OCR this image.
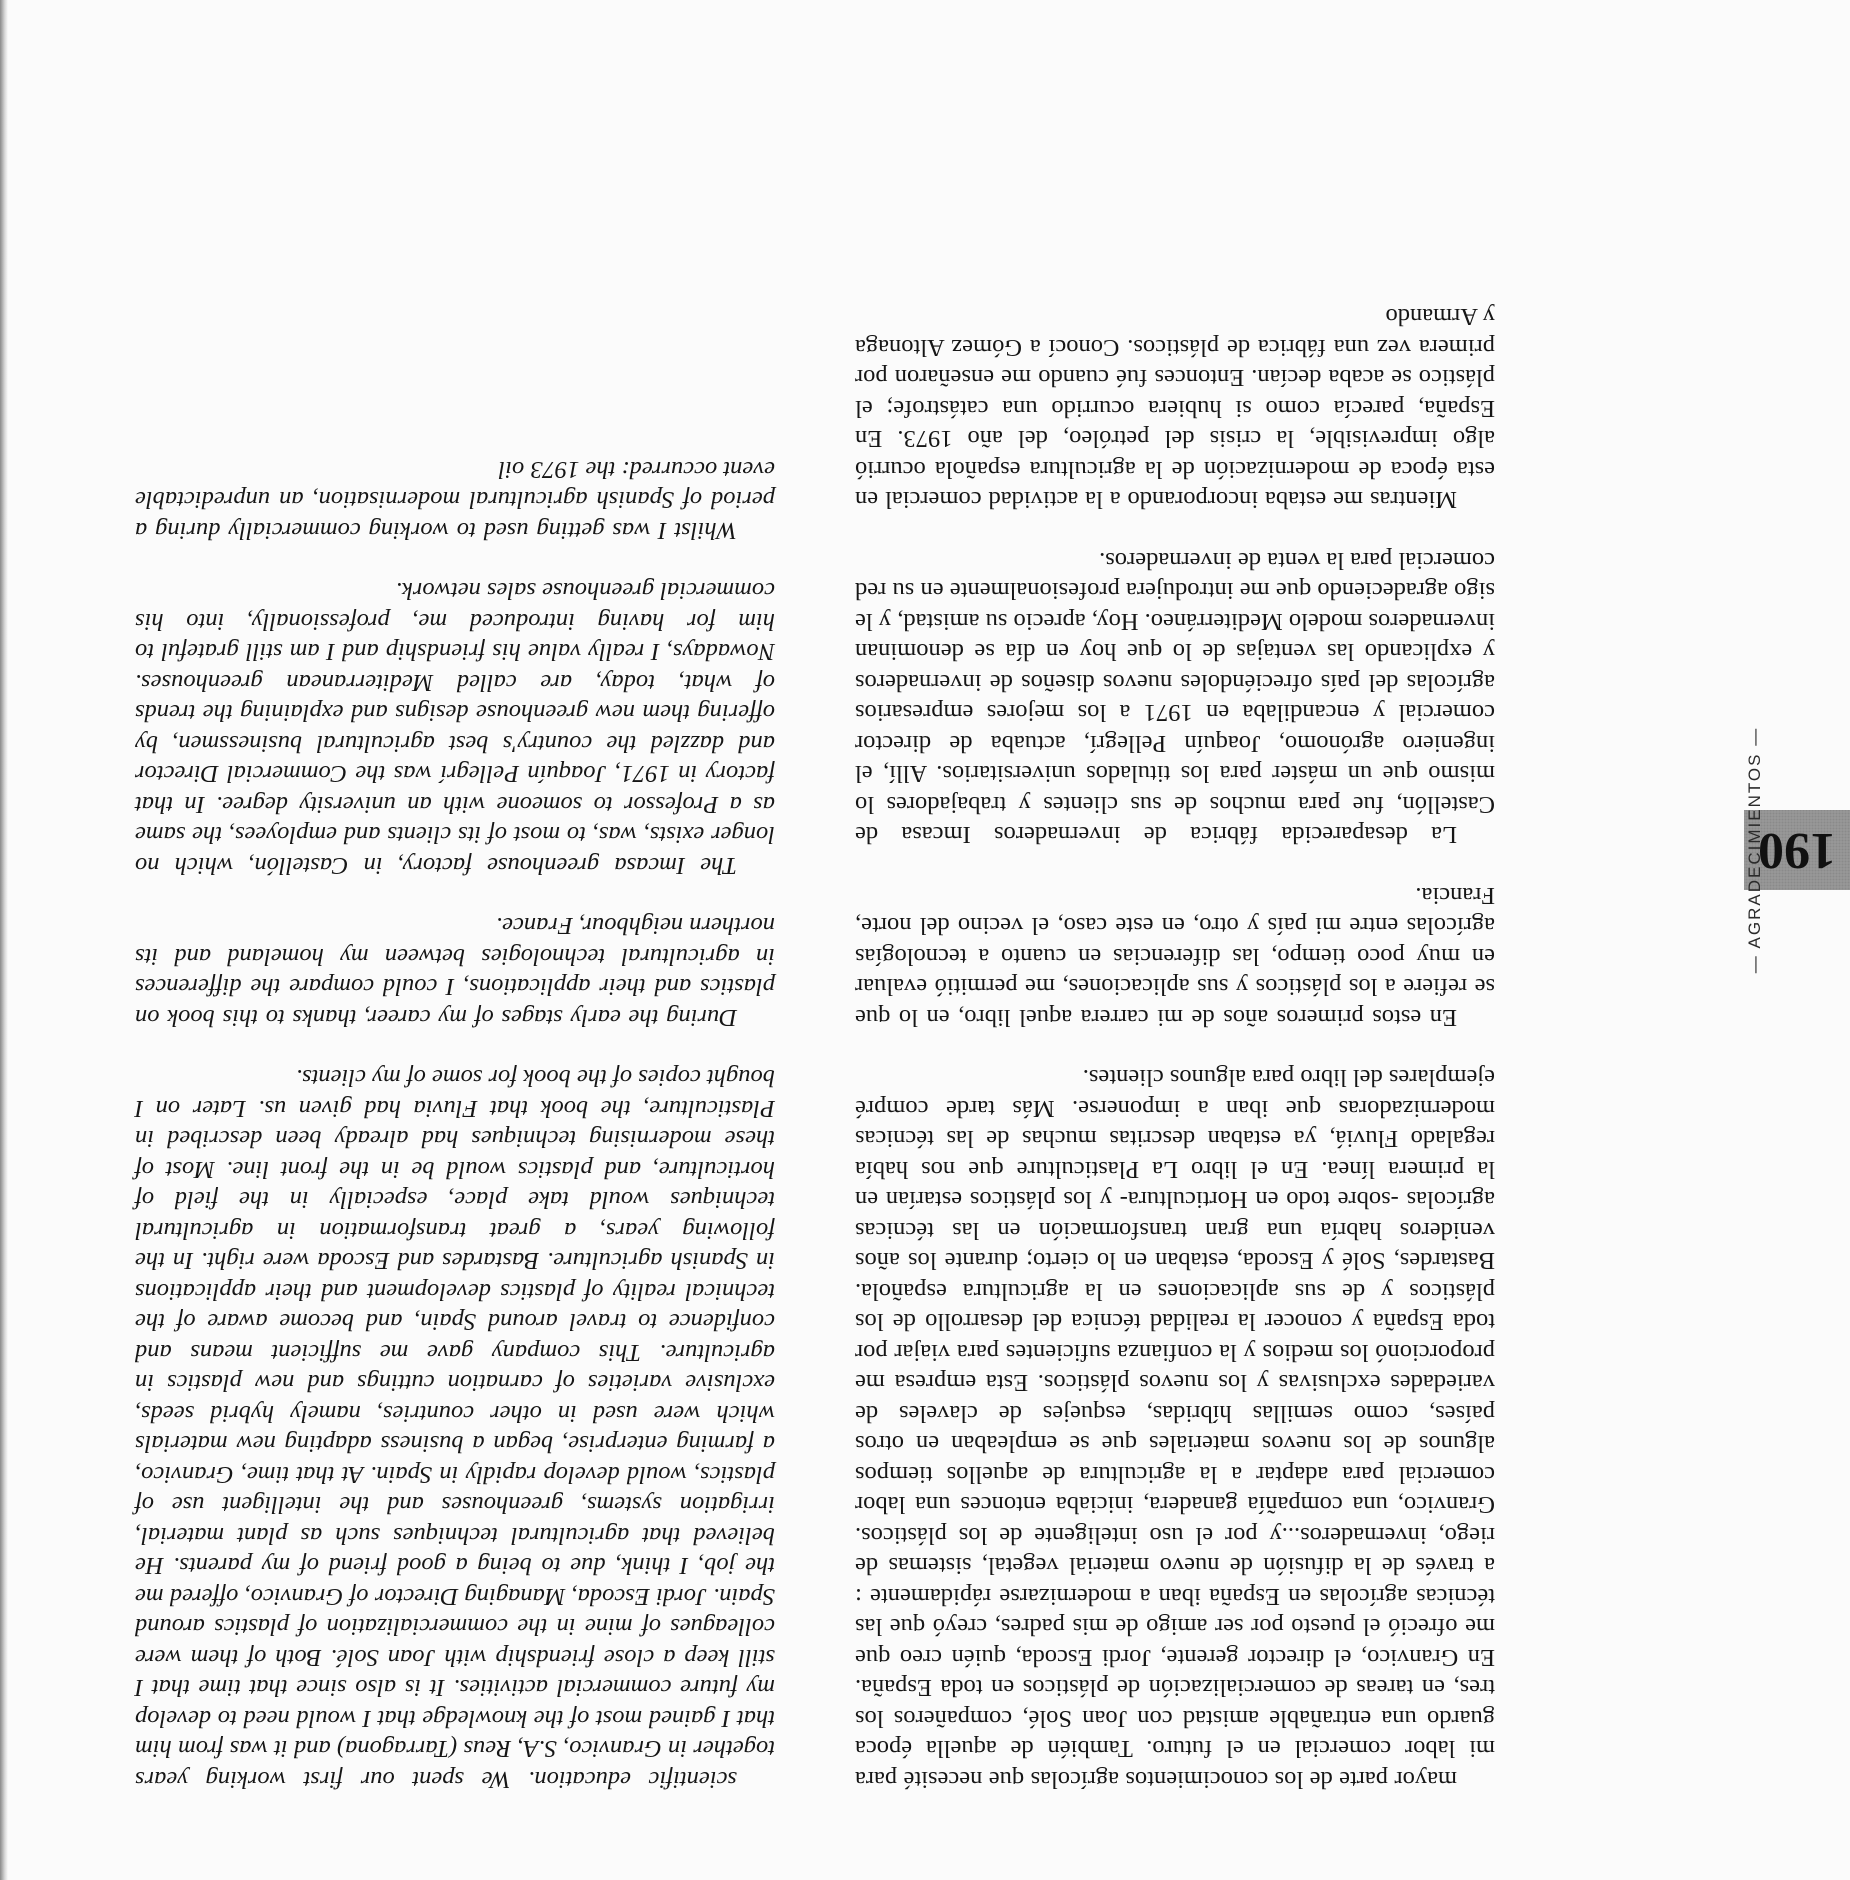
190
— AGRADECIMIENTOS —

mayor parte de los conocimientos agrícolas que necesité para mi labor comercial en el futuro. También de aquella época guardo una entrañable amistad con Joan Solé, compañeros los tres, en tareas de comercialización de plásticos en toda España. En Granvico, el director gerente, Jordi Escoda, quién creo que me ofreció el puesto por ser amigo de mis padres, creyó que las técnicas agrícolas en España iban a modernizarse rápidamente : a través de la difusión de nuevo material vegetal, sistemas de riego, invernaderos...y por el uso inteligente de los plásticos. Granvico, una compañía ganadera, iniciaba entonces una labor comercial para adaptar a la agricultura de aquellos tiempos algunos de los nuevos materiales que se empleaban en otros países, como semillas híbridas, esquejes de claveles de variedades exclusivas y los nuevos plásticos. Esta empresa me proporcionó los medios y la confianza suficientes para viajar por toda España y conocer la realidad técnica del desarrollo de los plásticos y de sus aplicaciones en la agricultura española. Bastardes, Solé y Escoda, estaban en lo cierto; durante los años venideros habría una gran transformación en las técnicas agrícolas -sobre todo en Horticultura- y los plásticos estarían en la primera línea. En el libro La Plasticulture que nos había regalado Fluviá, ya estaban descritas muchas de las técnicas modernizadoras que iban a imponerse. Más tarde compré ejemplares del libro para algunos clientes.

En estos primeros años de mi carrera aquel libro, en lo que se refiere a los plásticos y sus aplicaciones, me permitió evaluar en muy poco tiempo, las diferencias en cuanto a tecnologías agrícolas entre mi país y otro, en este caso, el vecino del norte, Francia.

La desaparecida fábrica de invernaderos Imcasa de Castellón, fue para muchos de sus clientes y trabajadores lo mismo que un máster para los titulados universitarios. Allí, el ingeniero agrónomo, Joaquín Pellegrí, actuaba de director comercial y encandilaba en 1971 a los mejores empresarios agrícolas del país ofreciéndoles nuevos diseños de invernaderos y explicando las ventajas de lo que hoy en día se denominan invernaderos modelo Mediterráneo. Hoy, aprecio su amistad, y le sigo agradeciendo que me introdujera profesionalmente en su red comercial para la venta de invernaderos.

Mientras me estaba incorporando a la actividad comercial en esta época de modernización de la agricultura española ocurrió algo imprevisible, la crisis del petróleo, del año 1973. En España, parecía como si hubiera ocurrido una catástrofe; el plástico se acaba decían. Entonces fué cuando me enseñaron por primera vez una fábrica de plásticos. Conocí a Gómez Altonaga y Armando

scientific education. We spent our first working years together in Granvico, S.A, Reus (Tarragona) and it was from him that I gained most of the knowledge that I would need to develop my future commercial activities. It is also since that time that I still keep a close friendship with Joan Solé. Both of them were colleagues of mine in the commercialization of plastics around Spain. Jordi Escoda, Managing Director of Granvico, offered me the job, I think, due to being a good friend of my parents. He believed that agricultural techniques such as plant material, irrigation systems, greenhouses and the intelligent use of plastics, would develop rapidly in Spain. At that time, Granvico, a farming enterprise, began a business adapting new materials which were used in other countries, namely hybrid seeds, exclusive varieties of carnation cuttings and new plastics in agriculture. This company gave me sufficient means and confidence to travel around Spain, and become aware of the technical reality of plastics development and their applications in Spanish agriculture. Bastardes and Escoda were right. In the following years, a great transformation in agricultural techniques would take place, especially in the field of horticulture, and plastics would be in the front line. Most of these modernising techniques had already been described in Plasticulture, the book that Fluvia had given us. Later on I bought copies of the book for some of my clients.

During the early stages of my career, thanks to this book on plastics and their applications, I could compare the differences in agricultural technologies between my homeland and its northern neighbour, France.

The Imcasa greenhouse factory, in Castellón, which no longer exists, was, to most of its clients and employees, the same as a Professor to someone with an university degree. In that factory in 1971, Joaquín Pellegrí was the Commercial Director and dazzled the country's best agricultural businessmen, by offering them new greenhouse designs and explaining the trends of what, today, are called Mediterranean greenhouses. Nowadays, I really value his friendship and I am still grateful to him for having introduced me, professionally, into his commercial greenhouse sales network.

Whilst I was getting used to working commercially during a period of Spanish agricultural modernisation, an unpredictable event occurred: the 1973 oil
